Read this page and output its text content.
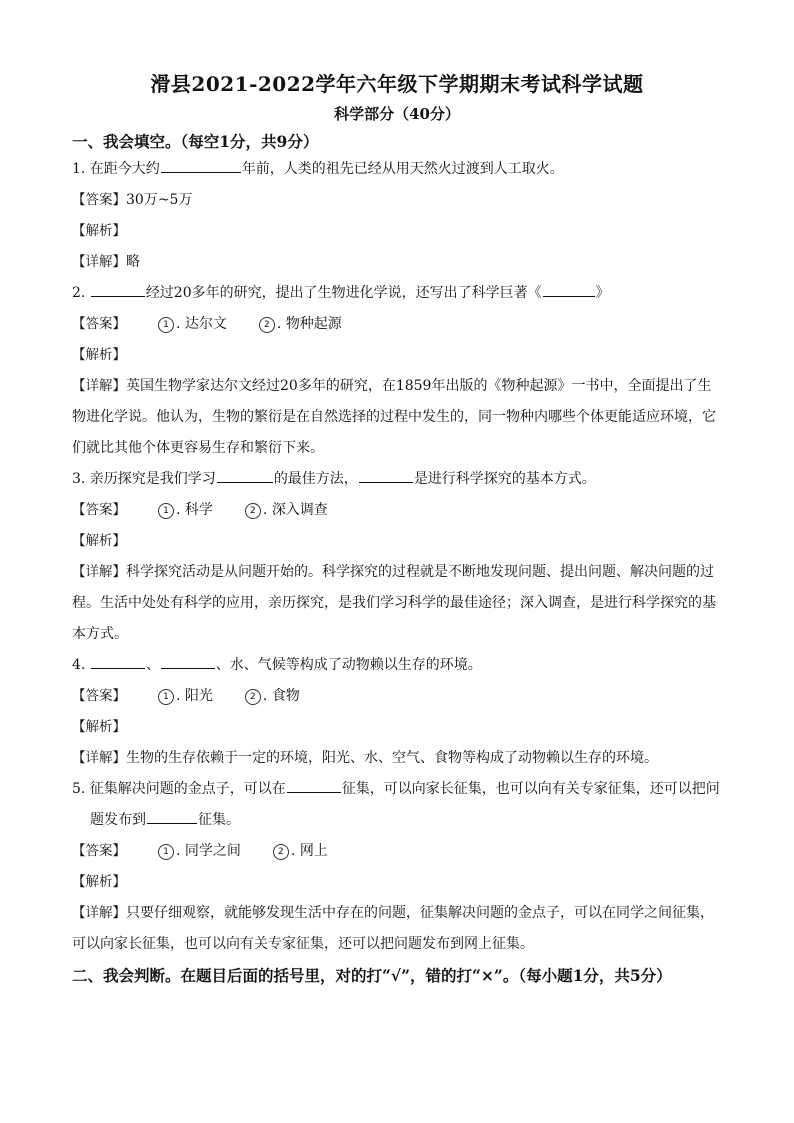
滑县2021-2022学年六年级下学期期末考试科学试题
科学部分（40分）

一、我会填空。（每空1分，共9分）

1. 在距今大约	年前，人类的祖先已经从用天然火过渡到人工取火。

【答案】30万~5万

【解析】

【详解】略

2.	经过20多年的研究，提出了生物进化学说，还写出了科学巨著《	》

【答案】	1 . 达尔文	2 . 物种起源

【解析】

【详解】英国生物学家达尔文经过20多年的研究，在1859年出版的《物种起源》一书中，全面提出了生物进化学说。他认为，生物的繁衍是在自然选择的过程中发生的，同一物种内哪些个体更能适应环境，它们就比其他个体更容易生存和繁衍下来。

3. 亲历探究是我们学习	的最佳方法，	是进行科学探究的基本方式。

【答案】	1 . 科学	2 . 深入调查

【解析】

【详解】科学探究活动是从问题开始的。科学探究的过程就是不断地发现问题、提出问题、解决问题的过程。生活中处处有科学的应用，亲历探究，是我们学习科学的最佳途径；深入调查，是进行科学探究的基本方式。

4.	、	、水、气候等构成了动物赖以生存的环境。

【答案】	1 . 阳光	2 . 食物

【解析】

【详解】生物的生存依赖于一定的环境，阳光、水、空气、食物等构成了动物赖以生存的环境。

5. 征集解决问题的金点子，可以在	征集，可以向家长征集，也可以向有关专家征集，还可以把问题发布到	征集。

【答案】	1 . 同学之间	2 . 网上

【解析】

【详解】只要仔细观察，就能够发现生活中存在的问题，征集解决问题的金点子，可以在同学之间征集，可以向家长征集，也可以向有关专家征集，还可以把问题发布到网上征集。

二、我会判断。在题目后面的括号里，对的打“√”，错的打“×”。（每小题1分，共5分）
